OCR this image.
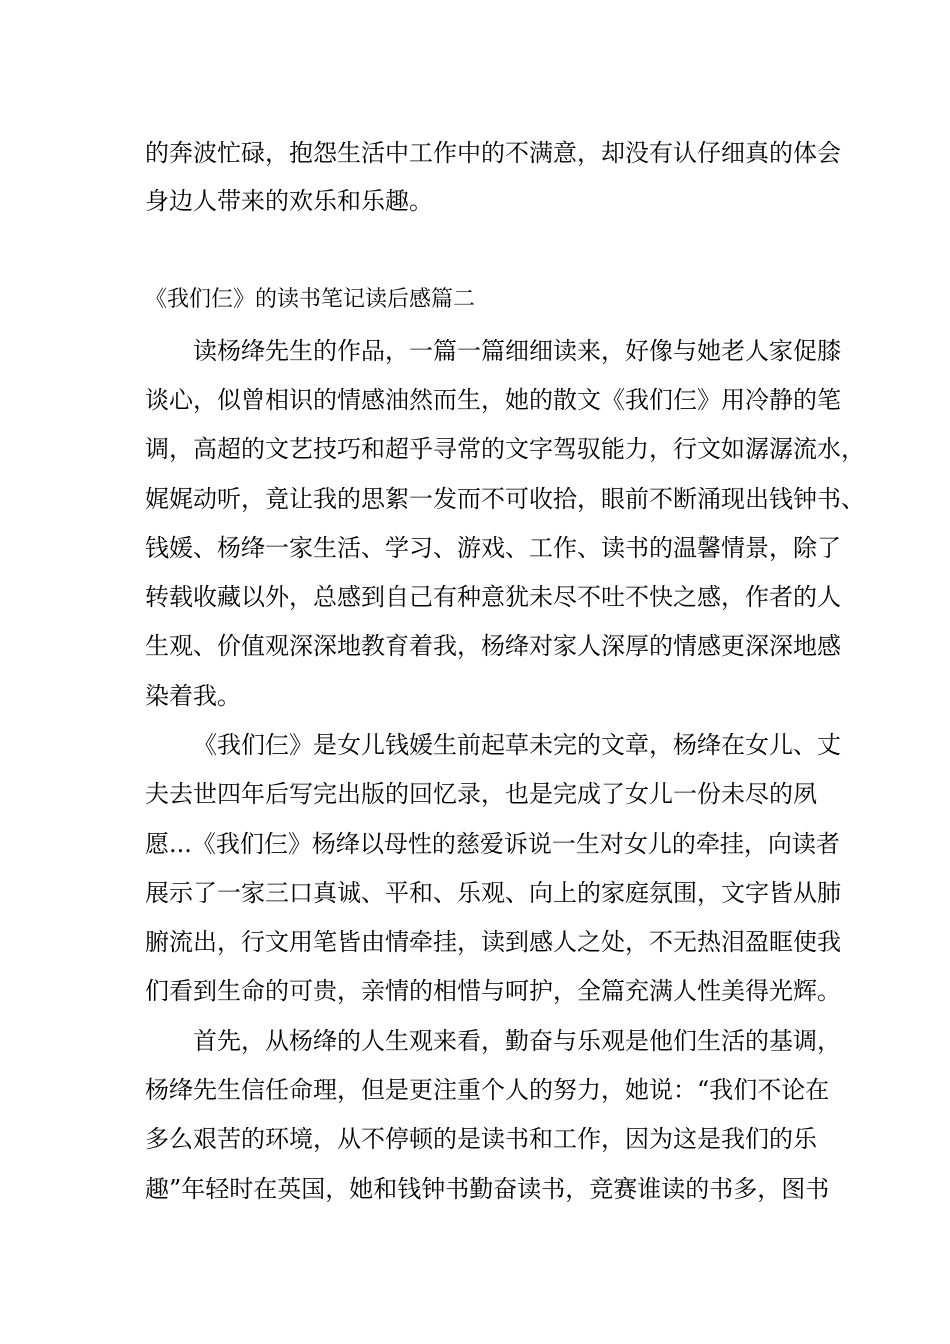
的奔波忙碌，抱怨生活中工作中的不满意，却没有认仔细真的体会
身边人带来的欢乐和乐趣。
《我们仨》的读书笔记读后感篇二
读杨绛先生的作品，一篇一篇细细读来，好像与她老人家促膝
谈心，似曾相识的情感油然而生，她的散文《我们仨》用冷静的笔
调，高超的文艺技巧和超乎寻常的文字驾驭能力，行文如潺潺流水，
娓娓动听，竟让我的思絮一发而不可收拾，眼前不断涌现出钱钟书、
钱媛、杨绛一家生活、学习、游戏、工作、读书的温馨情景，除了
转载收藏以外，总感到自己有种意犹未尽不吐不快之感，作者的人
生观、价值观深深地教育着我，杨绛对家人深厚的情感更深深地感
染着我。
《我们仨》是女儿钱媛生前起草未完的文章，杨绛在女儿、丈
夫去世四年后写完出版的回忆录，也是完成了女儿一份未尽的夙
愿...《我们仨》杨绛以母性的慈爱诉说一生对女儿的牵挂，向读者
展示了一家三口真诚、平和、乐观、向上的家庭氛围，文字皆从肺
腑流出，行文用笔皆由情牵挂，读到感人之处，不无热泪盈眶使我
们看到生命的可贵，亲情的相惜与呵护，全篇充满人性美得光辉。
首先，从杨绛的人生观来看，勤奋与乐观是他们生活的基调，
杨绛先生信任命理，但是更注重个人的努力，她说：“我们不论在
多么艰苦的环境，从不停顿的是读书和工作，因为这是我们的乐
趣”年轻时在英国，她和钱钟书勤奋读书，竞赛谁读的书多，图书
